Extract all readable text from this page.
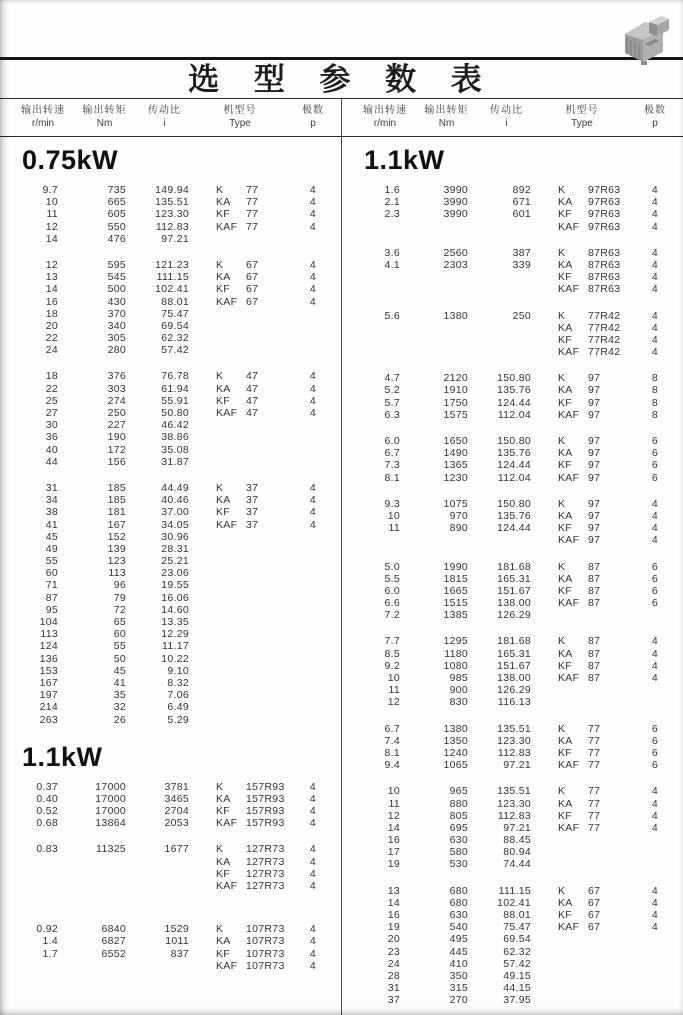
选 型 参 数 表
输出转速
r/min
输出转矩
Nm
传动比
i
机型号
Type
极数
p
0.75kW
9.7	735	149.94	K	77	4
10	665	135.51	KA	77	4
11	605	123.30	KF	77	4
12	550	112.83	KAF 77	4
14	476	97.21
12	595	121.23	K	67	4
13	545	111.15	KA	67	4
14	500	102.41	KF	67	4
16	430	88.01	KAF 67	4
18	370	75.47
20	340	69.54
22	305	62.32
24	280	57.42
18	376	76.78	K	47	4
22	303	61.94	KA	47	4
25	274	55.91	KF	47	4
27	250	50.80	KAF 47	4
30	227	46.42
36	190	38.86
40	172	35.08
44	156	31.87
31	185	44.49	K	37	4
34	185	40.46	KA	37	4
38	181	37.00	KF	37	4
41	167	34.05	KAF 37	4
45	152	30.96
49	139	28.31
55	123	25.21
60	113	23.06
71	96	19.55
87	79	16.06
95	72	14.60
104	65	13.35
113	60	12.29
124	55	11.17
136	50	10.22
153	45	9.10
167	41	8.32
197	35	7.06
214	32	6.49
263	26	5.29
1.1kW
0.37	17000	3781	K	157R93	4
0.40	17000	3465	KA	157R93	4
0.52	17000	2704	KF	157R93	4
0.68	13864	2053	KAF 157R93	4
0.83	11325	1677	K	127R73	4
KA	127R73	4
KF	127R73	4
KAF 127R73	4
0.92	6840	1529	K	107R73	4
1.4	6827	1011	KA	107R73	4
1.7	6552	837	KF	107R73	4
KAF 107R73	4
输出转速
r/min
输出转矩
Nm
传动比
i
机型号
Type
极数
p
1.1kW
1.6	3990	892	K	97R63	4
2.1	3990	671	KA	97R63	4
2.3	3990	601	KF	97R63	4
KAF 97R63	4
3.6	2560	387	K	87R63	4
4.1	2303	339	KA	87R63	4
KF	87R63	4
KAF 87R63	4
5.6	1380	250	K	77R42	4
KA	77R42	4
KF	77R42	4
KAF 77R42	4
4.7	2120	150.80	K	97	8
5.2	1910	135.76	KA	97	8
5.7	1750	124.44	KF	97	8
6.3	1575	112.04	KAF 97	8
6.0	1650	150.80	K	97	6
6.7	1490	135.76	KA	97	6
7.3	1365	124.44	KF	97	6
8.1	1230	112.04	KAF 97	6
9.3	1075	150.80	K	97	4
10	970	135.76	KA	97	4
11	890	124.44	KF	97	4
KAF 97	4
5.0	1990	181.68	K	87	6
5.5	1815	165.31	KA	87	6
6.0	1665	151.67	KF	87	6
6.6	1515	138.00	KAF 87	6
7.2	1385	126.29
7.7	1295	181.68	K	87	4
8.5	1180	165.31	KA	87	4
9.2	1080	151.67	KF	87	4
10	985	138.00	KAF 87	4
11	900	126.29
12	830	116.13
6.7	1380	135.51	K	77	6
7.4	1350	123.30	KA	77	6
8.1	1240	112.83	KF	77	6
9.4	1065	97.21	KAF 77	6
10	965	135.51	K	77	4
11	880	123.30	KA	77	4
12	805	112.83	KF	77	4
14	695	97.21	KAF 77	4
16	630	88.45
17	580	80.94
19	530	74.44
13	680	111.15	K	67	4
14	680	102.41	KA	67	4
16	630	88.01	KF	67	4
19	540	75.47	KAF 67	4
20	495	69.54
23	445	62.32
24	410	57.42
28	350	49.15
31	315	44.15
37	270	37.95
